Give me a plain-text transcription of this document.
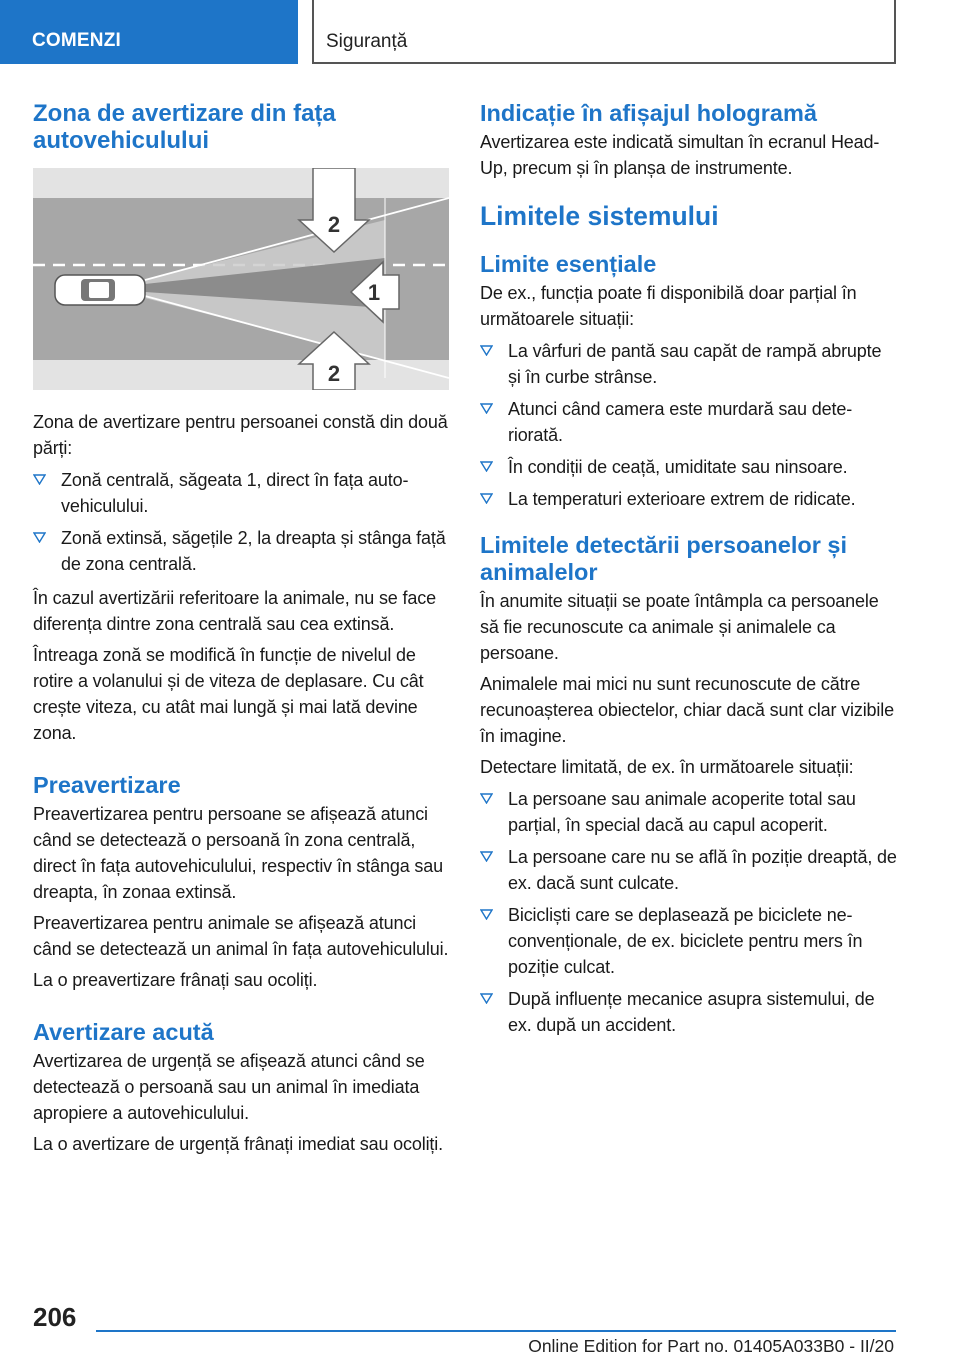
COMENZI	Siguranță
Zona de avertizare din fața autovehiculului
2
1
2

Zona de avertizare pentru persoanei constă din două părți:

Zonă centrală, săgeata 1, direct în fața autovehiculului.
Zonă extinsă, săgețile 2, la dreapta și stânga față de zona centrală.

În cazul avertizării referitoare la animale, nu se face diferența dintre zona centrală sau cea extinsă.

Întreaga zonă se modifică în funcție de nivelul de rotire a volanului și de viteza de deplasare. Cu cât crește viteza, cu atât mai lungă și mai lată devine zona.

Preavertizare

Preavertizarea pentru persoane se afișează atunci când se detectează o persoană în zona centrală, direct în fața autovehiculului, respectiv în stânga sau dreapta, în zonaa extinsă.

Preavertizarea pentru animale se afișează atunci când se detectează un animal în fața autovehiculului.

La o preavertizare frânați sau ocoliți.

Avertizare acută

Avertizarea de urgență se afișează atunci când se detectează o persoană sau un animal în imediata apropiere a autovehiculului.

La o avertizare de urgență frânați imediat sau ocoliți.

Indicație în afișajul hologramă

Avertizarea este indicată simultan în ecranul Head-Up, precum și în planșa de instrumente.

Limitele sistemului
Limite esențiale

De ex., funcția poate fi disponibilă doar parțial în următoarele situații:

La vârfuri de pantă sau capăt de rampă abrupte și în curbe strânse.
Atunci când camera este murdară sau deteriorată.
În condiții de ceață, umiditate sau ninsoare.
La temperaturi exterioare extrem de ridicate.
Limitele detectării persoanelor și animalelor

În anumite situații se poate întâmpla ca persoanele să fie recunoscute ca animale și animalele ca persoane.

Animalele mai mici nu sunt recunoscute de către recunoașterea obiectelor, chiar dacă sunt clar vizibile în imagine.

Detectare limitată, de ex. în următoarele situații:

La persoane sau animale acoperite total sau parțial, în special dacă au capul acoperit.
La persoane care nu se află în poziție dreaptă, de ex. dacă sunt culcate.
Bicicliști care se deplasează pe biciclete neconvenționale, de ex. biciclete pentru mers în poziție culcat.
După influențe mecanice asupra sistemului, de ex. după un accident.
206
Online Edition for Part no. 01405A033B0 - II/20
